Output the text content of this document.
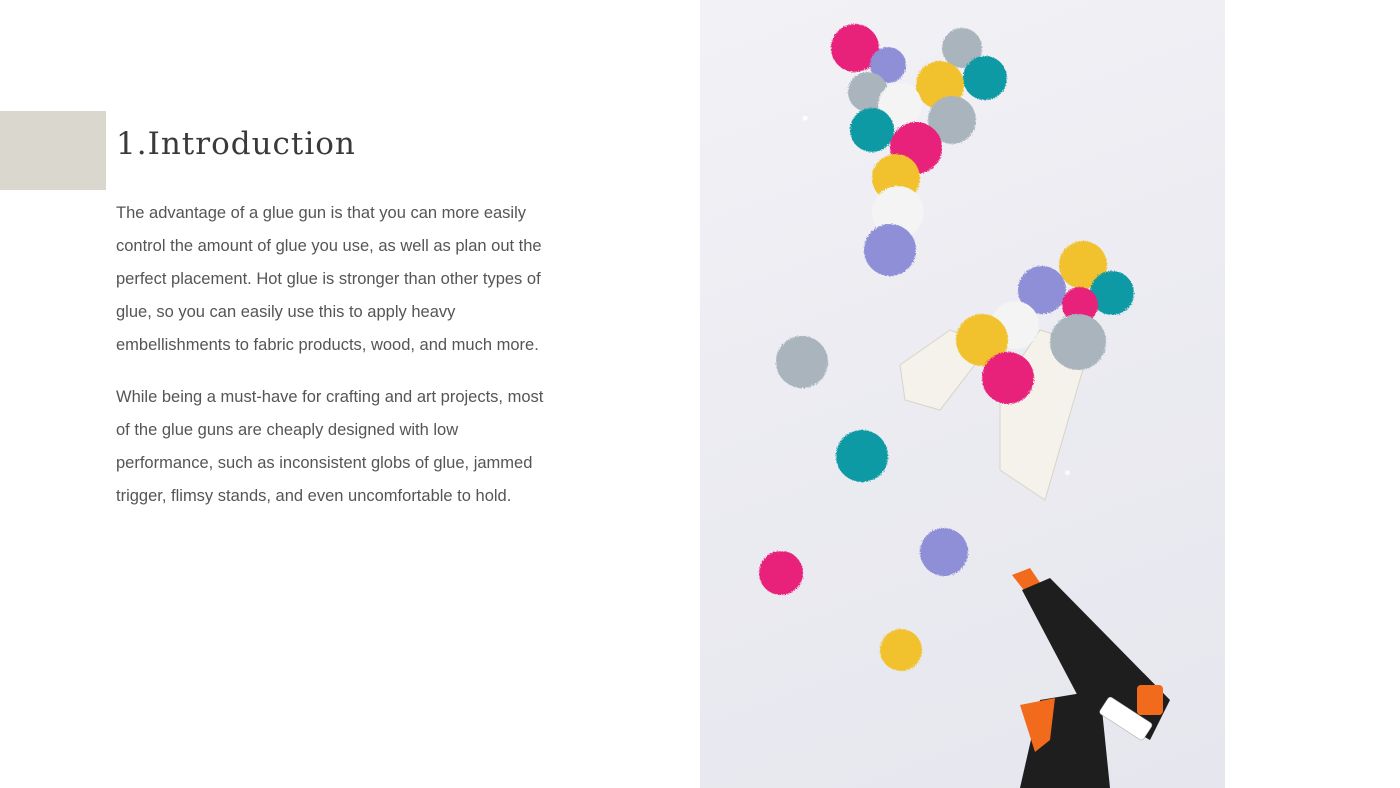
1.Introduction

The advantage of a glue gun is that you can more easily control the amount of glue you use, as well as plan out the perfect placement. Hot glue is stronger than other types of glue, so you can easily use this to apply heavy embellishments to fabric products, wood, and much more.

While being a must-have for crafting and art projects, most of the glue guns are cheaply designed with low performance, such as inconsistent globs of glue, jammed trigger, flimsy stands, and even uncomfortable to hold.
